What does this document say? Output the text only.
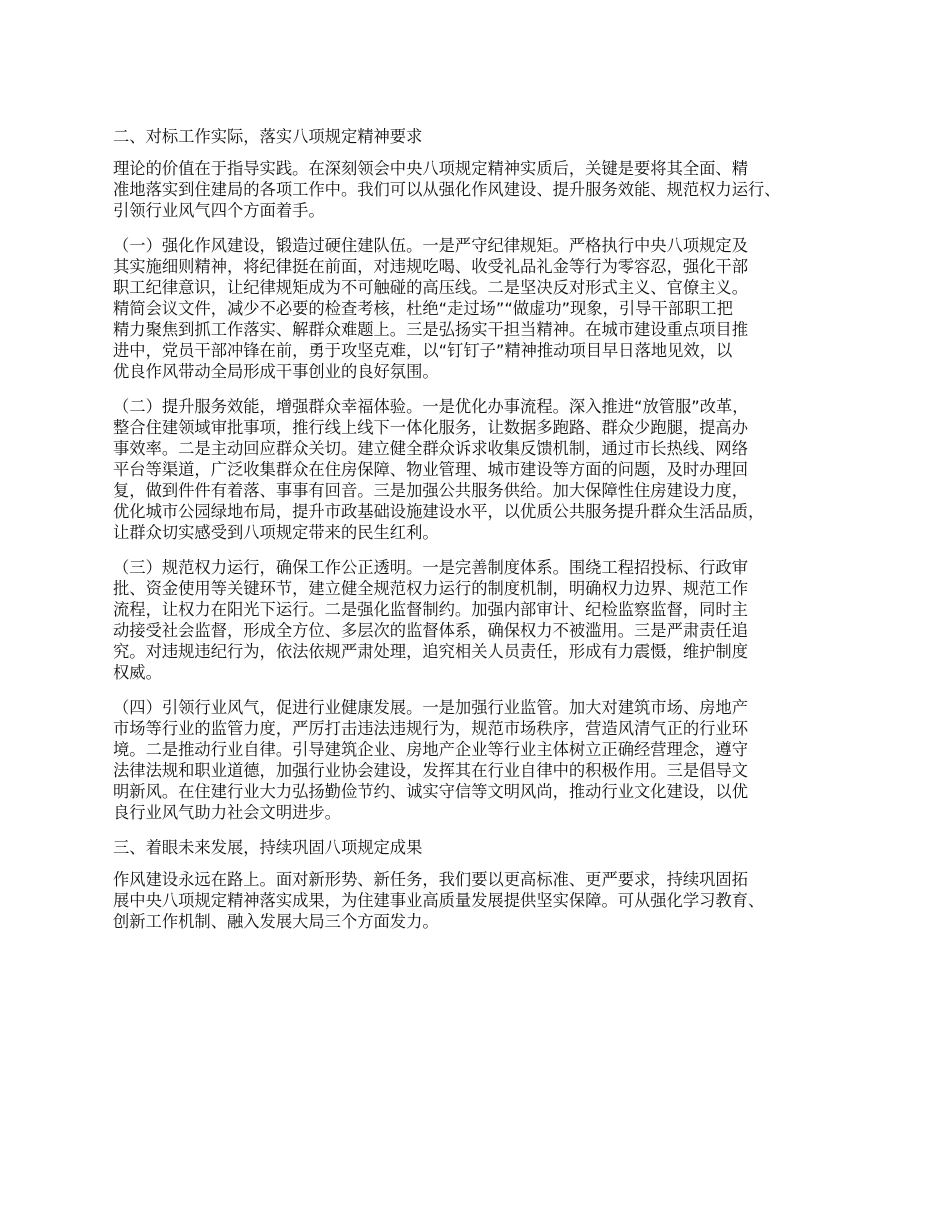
二、对标工作实际，落实八项规定精神要求
理论的价值在于指导实践。在深刻领会中央八项规定精神实质后，关键是要将其全面、精
准地落实到住建局的各项工作中。我们可以从强化作风建设、提升服务效能、规范权力运行、
引领行业风气四个方面着手。
（一）强化作风建设，锻造过硬住建队伍。一是严守纪律规矩。严格执行中央八项规定及
其实施细则精神，将纪律挺在前面，对违规吃喝、收受礼品礼金等行为零容忍，强化干部
职工纪律意识，让纪律规矩成为不可触碰的高压线。二是坚决反对形式主义、官僚主义。
精简会议文件，减少不必要的检查考核，杜绝“走过场”“做虚功”现象，引导干部职工把
精力聚焦到抓工作落实、解群众难题上。三是弘扬实干担当精神。在城市建设重点项目推
进中，党员干部冲锋在前，勇于攻坚克难，以“钉钉子”精神推动项目早日落地见效，以
优良作风带动全局形成干事创业的良好氛围。
（二）提升服务效能，增强群众幸福体验。一是优化办事流程。深入推进“放管服”改革，
整合住建领域审批事项，推行线上线下一体化服务，让数据多跑路、群众少跑腿，提高办
事效率。二是主动回应群众关切。建立健全群众诉求收集反馈机制，通过市长热线、网络
平台等渠道，广泛收集群众在住房保障、物业管理、城市建设等方面的问题，及时办理回
复，做到件件有着落、事事有回音。三是加强公共服务供给。加大保障性住房建设力度，
优化城市公园绿地布局，提升市政基础设施建设水平，以优质公共服务提升群众生活品质，
让群众切实感受到八项规定带来的民生红利。
（三）规范权力运行，确保工作公正透明。一是完善制度体系。围绕工程招投标、行政审
批、资金使用等关键环节，建立健全规范权力运行的制度机制，明确权力边界、规范工作
流程，让权力在阳光下运行。二是强化监督制约。加强内部审计、纪检监察监督，同时主
动接受社会监督，形成全方位、多层次的监督体系，确保权力不被滥用。三是严肃责任追
究。对违规违纪行为，依法依规严肃处理，追究相关人员责任，形成有力震慑，维护制度
权威。
（四）引领行业风气，促进行业健康发展。一是加强行业监管。加大对建筑市场、房地产
市场等行业的监管力度，严厉打击违法违规行为，规范市场秩序，营造风清气正的行业环
境。二是推动行业自律。引导建筑企业、房地产企业等行业主体树立正确经营理念，遵守
法律法规和职业道德，加强行业协会建设，发挥其在行业自律中的积极作用。三是倡导文
明新风。在住建行业大力弘扬勤俭节约、诚实守信等文明风尚，推动行业文化建设，以优
良行业风气助力社会文明进步。
三、着眼未来发展，持续巩固八项规定成果
作风建设永远在路上。面对新形势、新任务，我们要以更高标准、更严要求，持续巩固拓
展中央八项规定精神落实成果，为住建事业高质量发展提供坚实保障。可从强化学习教育、
创新工作机制、融入发展大局三个方面发力。
